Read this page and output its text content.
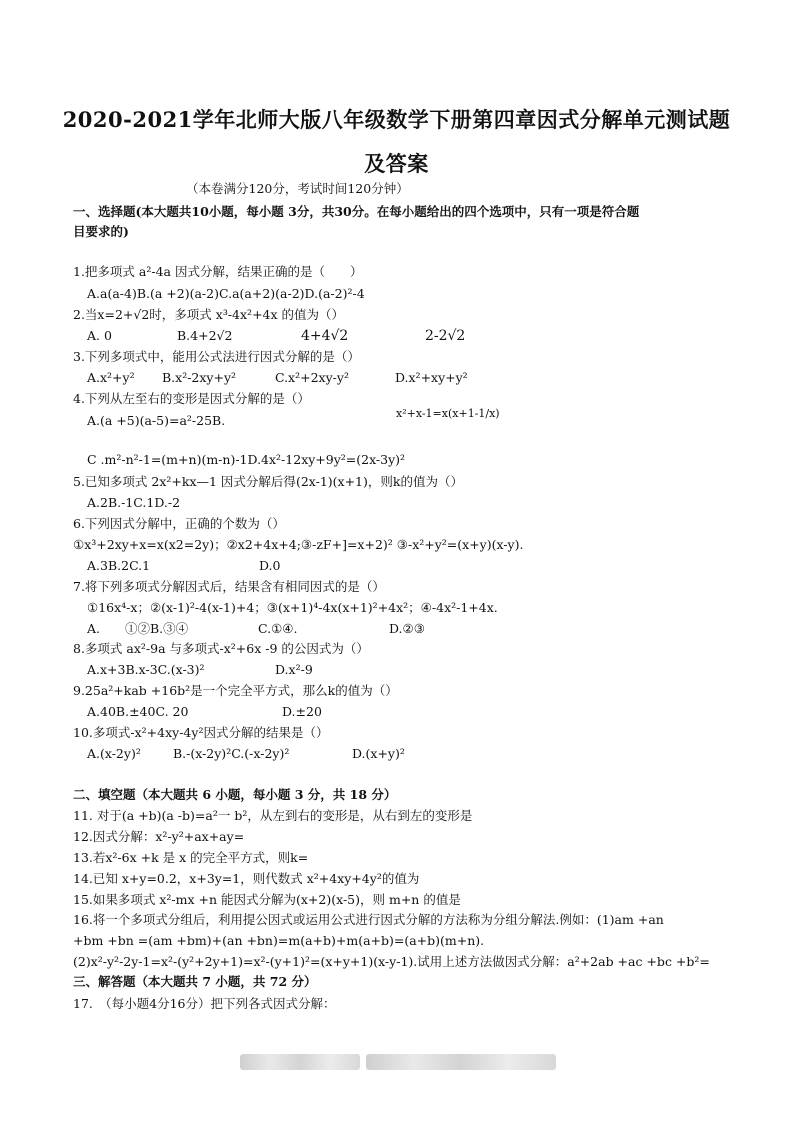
2020-2021学年北师大版八年级数学下册第四章因式分解单元测试题
及答案
（本卷满分120分，考试时间120分钟）
一、选择题(本大题共10小题，每小题 3分，共30分。在每小题给出的四个选项中，只有一项是符合题
目要求的)
1.把多项式 a²-4a 因式分解，结果正确的是（　　）
A.a(a-4)B.(a +2)(a-2)C.a(a+2)(a-2)D.(a-2)²-4
2.当x=2+√2时，多项式 x³-4x²+4x 的值为（）
A. 0	B.4+2√2	4+4√2	2-2√2
3.下列多项式中，能用公式法进行因式分解的是（）
A.x²+y² B.x²-2xy+y²	C.x²+2xy-y²	D.x²+xy+y²
4.下列从左至右的变形是因式分解的是（）
A.(a +5)(a-5)=a²-25B.	x²+x-1=x(x+1-1/x)
C .m²-n²-1=(m+n)(m-n)-1D.4x²-12xy+9y²=(2x-3y)²
5.已知多项式 2x²+kx—1 因式分解后得(2x-1)(x+1)，则k的值为（）
A.2B.-1C.1D.-2
6.下列因式分解中，正确的个数为（）
①x³+2xy+x=x(x2=2y)；②x2+4x+4;③-zF+]=x+2)² ③-x²+y²=(x+y)(x-y).
A.3B.2C.1	D.0
7.将下列多项式分解因式后，结果含有相同因式的是（）
①16x⁴-x；②(x-1)²-4(x-1)+4；③(x+1)⁴-4x(x+1)²+4x²；④-4x²-1+4x.
A.　　①②B.③④	C.①④.	D.②③
8.多项式 ax²-9a 与多项式-x²+6x -9 的公因式为（）
A.x+3B.x-3C.(x-3)²	D.x²-9
9.25a²+kab +16b²是一个完全平方式，那么k的值为（）
A.40B.±40C. 20	D.±20
10.多项式-x²+4xy-4y²因式分解的结果是（）
A.(x-2y)²	B.-(x-2y)²C.(-x-2y)²	D.(x+y)²
二、填空题（本大题共 6 小题，每小题 3 分，共 18 分）
11. 对于(a +b)(a -b)=a²一 b²，从左到右的变形是，从右到左的变形是
12.因式分解：x²-y²+ax+ay=
13.若x²-6x +k 是 x 的完全平方式，则k=
14.已知 x+y=0.2，x+3y=1，则代数式 x²+4xy+4y²的值为
15.如果多项式 x²-mx +n 能因式分解为(x+2)(x-5)，则 m+n 的值是
16.将一个多项式分组后，利用提公因式或运用公式进行因式分解的方法称为分组分解法.例如：(1)am +an
+bm +bn =(am +bm)+(an +bn)=m(a+b)+m(a+b)=(a+b)(m+n).
(2)x²-y²-2y-1=x²-(y²+2y+1)=x²-(y+1)²=(x+y+1)(x-y-1).试用上述方法做因式分解：a²+2ab +ac +bc +b²=
三、解答题（本大题共 7 小题，共 72 分）
17.　（每小题4分16分）把下列各式因式分解：
